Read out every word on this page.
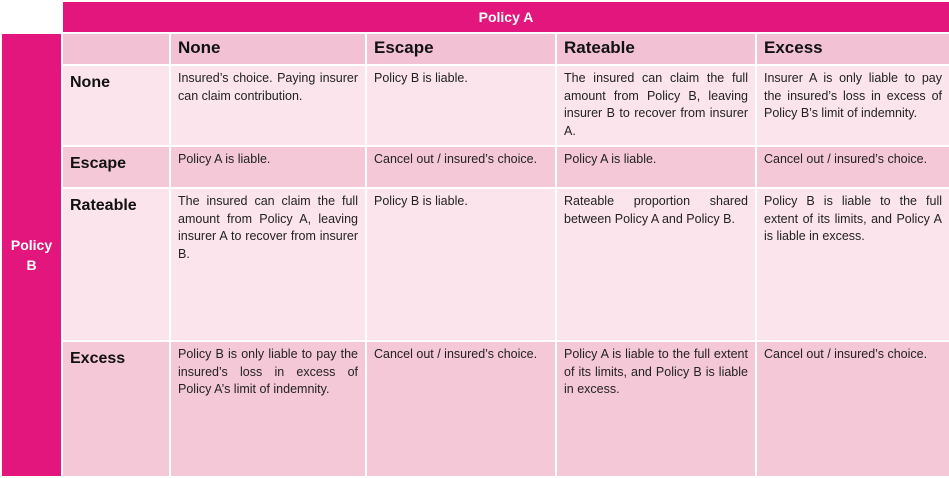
	Policy A				

Policy
B		None	Escape	Rateable	Excess
	None	Insured’s choice. Paying insurer can claim contribution.	Policy B is liable.	The insured can claim the full amount from Policy B, leaving insurer B to recover from insurer A.	Insurer A is only liable to pay the insured’s loss in excess of Policy B’s limit of indemnity.
	Escape	Policy A is liable.	Cancel out / insured’s choice.	Policy A is liable.	Cancel out / insured’s choice.
	Rateable	The insured can claim the full amount from Policy A, leaving insurer A to recover from insurer B.	Policy B is liable.	Rateable proportion shared between Policy A and Policy B.	Policy B is liable to the full extent of its limits, and Policy A is liable in excess.
	Excess	Policy B is only liable to pay the insured’s loss in excess of Policy A’s limit of indemnity.	Cancel out / insured’s choice.	Policy A is liable to the full extent of its limits, and Policy B is liable in excess.	Cancel out / insured’s choice.
